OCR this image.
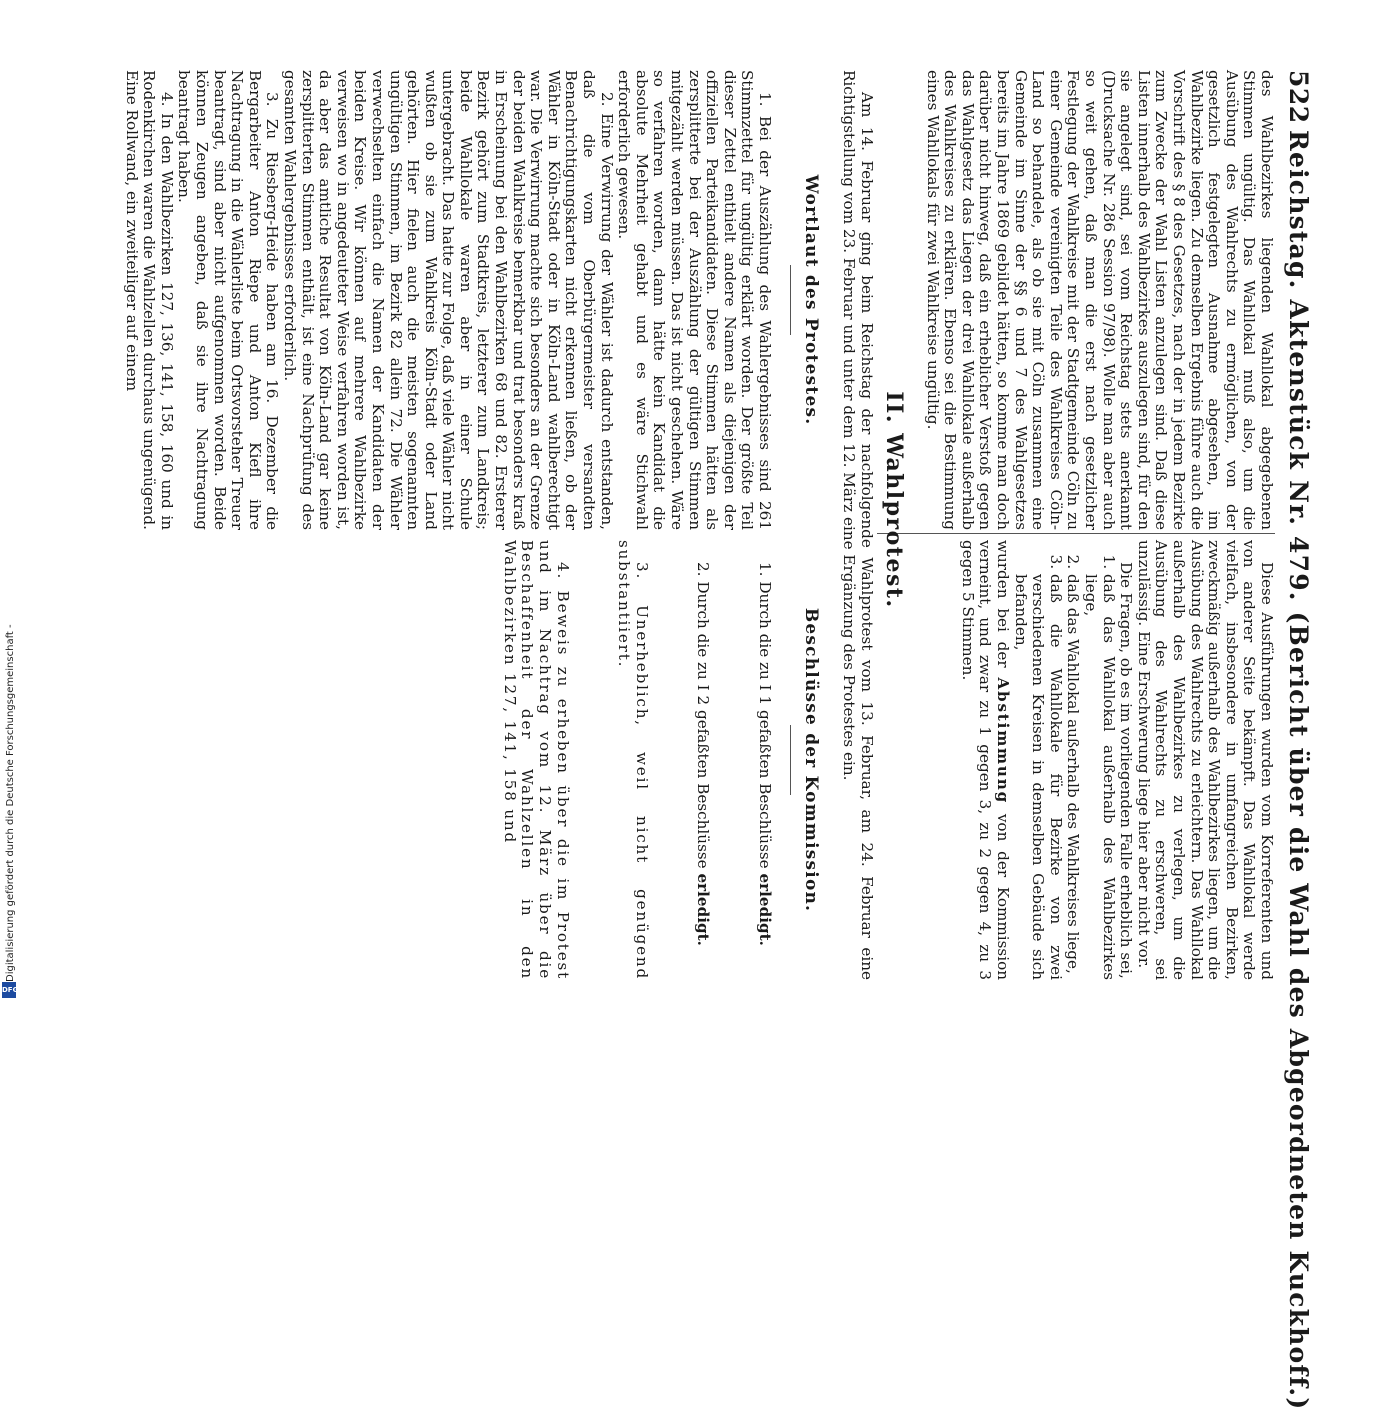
522
Reichstag. Aktenstück Nr. 479. (Bericht über die Wahl des Abgeordneten Kuckhoff.)

des Wahlbezirkes liegenden Wahllokal abgegebenen Stimmen ungültig. Das Wahllokal muß also, um die Ausübung des Wahlrechts zu ermöglichen, von der gesetzlich festgelegten Ausnahme abgesehen, im Wahlbezirke liegen. Zu demselben Ergebnis führe auch die Vorschrift des § 8 des Gesetzes, nach der in jedem Bezirke zum Zwecke der Wahl Listen anzulegen sind. Daß diese Listen innerhalb des Wahlbezirkes auszulegen sind, für den sie angelegt sind, sei vom Reichstag stets anerkannt (Drucksache Nr. 286 Session 97/98). Wolle man aber auch so weit gehen, daß man die erst nach gesetzlicher Festlegung der Wahlkreise mit der Stadtgemeinde Cöln zu einer Gemeinde vereinigten Teile des Wahlkreises Cöln-Land so behandele, als ob sie mit Cöln zusammen eine Gemeinde im Sinne der §§ 6 und 7 des Wahlgesetzes bereits im Jahre 1869 gebildet hätten, so komme man doch darüber nicht hinweg, daß ein erheblicher Verstoß gegen das Wahlgesetz das Liegen der drei Wahllokale außerhalb des Wahlkreises zu erklären. Ebenso sei die Bestimmung eines Wahllokals für zwei Wahlkreise ungültig.

Diese Ausführungen wurden vom Korreferenten und von anderer Seite bekämpft. Das Wahllokal werde vielfach, insbesondere in umfangreichen Bezirken, zweckmäßig außerhalb des Wahlbezirkes liegen, um die Ausübung des Wahlrechts zu erleichtern. Das Wahllokal außerhalb des Wahlbezirkes zu verlegen, um die Ausübung des Wahlrechts zu erschweren, sei unzulässig. Eine Erschwerung liege hier aber nicht vor.

Die Fragen, ob es im vorliegenden Falle erheblich sei,

1. daß das Wahllokal außerhalb des Wahlbezirkes liege,
2. daß das Wahllokal außerhalb des Wahlkreises liege,
3. daß die Wahllokale für Bezirke von zwei verschiedenen Kreisen in demselben Gebäude sich befanden,

wurden bei der Abstimmung von der Kommission verneint, und zwar zu 1 gegen 3, zu 2 gegen 4, zu 3 gegen 5 Stimmen.

II. Wahlprotest.
Am 14. Februar ging beim Reichstag der nachfolgende Wahlprotest vom 13. Februar, am 24. Februar eine Richtigstellung vom 23. Februar und unter dem 12. März eine Ergänzung des Protestes ein.
Wortlaut des Protestes.
Beschlüsse der Kommission.

1. Bei der Auszählung des Wahlergebnisses sind 261 Stimmzettel für ungültig erklärt worden. Der größte Teil dieser Zettel enthielt andere Namen als diejenigen der offiziellen Parteikandidaten. Diese Stimmen hätten als zersplitterte bei der Auszählung der gültigen Stimmen mitgezählt werden müssen. Das ist nicht geschehen. Wäre so verfahren worden, dann hätte kein Kandidat die absolute Mehrheit gehabt und es wäre Stichwahl erforderlich gewesen.

2. Eine Verwirrung der Wähler ist dadurch entstanden, daß die vom Oberbürgermeister versandten Benachrichtigungskarten nicht erkennen ließen, ob der Wähler in Köln-Stadt oder in Köln-Land wahlberechtigt war. Die Verwirrung machte sich besonders an der Grenze der beiden Wahlkreise bemerkbar und trat besonders kraß in Erscheinung bei den Wahlbezirken 68 und 82. Ersterer Bezirk gehört zum Stadtkreis, letzterer zum Landkreis; beide Wahllokale waren aber in einer Schule untergebracht. Das hatte zur Folge, daß viele Wähler nicht wußten ob sie zum Wahlkreis Köln-Stadt oder Land gehörten. Hier fielen auch die meisten sogenannten ungültigen Stimmen, im Bezirk 82 allein 72. Die Wähler verwechselten einfach die Namen der Kandidaten der beiden Kreise. Wir können auf mehrere Wahlbezirke verweisen wo in angedeuteter Weise verfahren worden ist, da aber das amtliche Resultat von Köln-Land gar keine zersplitterten Stimmen enthält, ist eine Nachprüfung des gesamten Wahlergebnisses erforderlich.

3. Zu Riesberg-Heide haben am 16. Dezember die Bergarbeiter Anton Riepe und Anton Kiefl ihre Nachtragung in die Wählerliste beim Ortsvorsteher Treuer beantragt, sind aber nicht aufgenommen worden. Beide können Zeugen angeben, daß sie ihre Nachtragung beantragt haben.

4. In den Wahlbezirken 127, 136, 141, 158, 160 und in Rodenkirchen waren die Wahlzellen durchaus ungenügend. Eine Rollwand, ein zweiteiliger auf einem

1. Durch die zu I 1 gefaßten Beschlüsse erledigt.

2. Durch die zu I 2 gefaßten Beschlüsse erledigt.

3. Unerheblich, weil nicht genügend substantiiert.

4. Beweis zu erheben über die im Protest und im Nachtrag vom 12. März über die Beschaffenheit der Wahlzellen in den Wahlbezirken 127, 141, 158 und

Digitalisierung gefördert durch die Deutsche Forschungsgemeinschaft -
DFG
